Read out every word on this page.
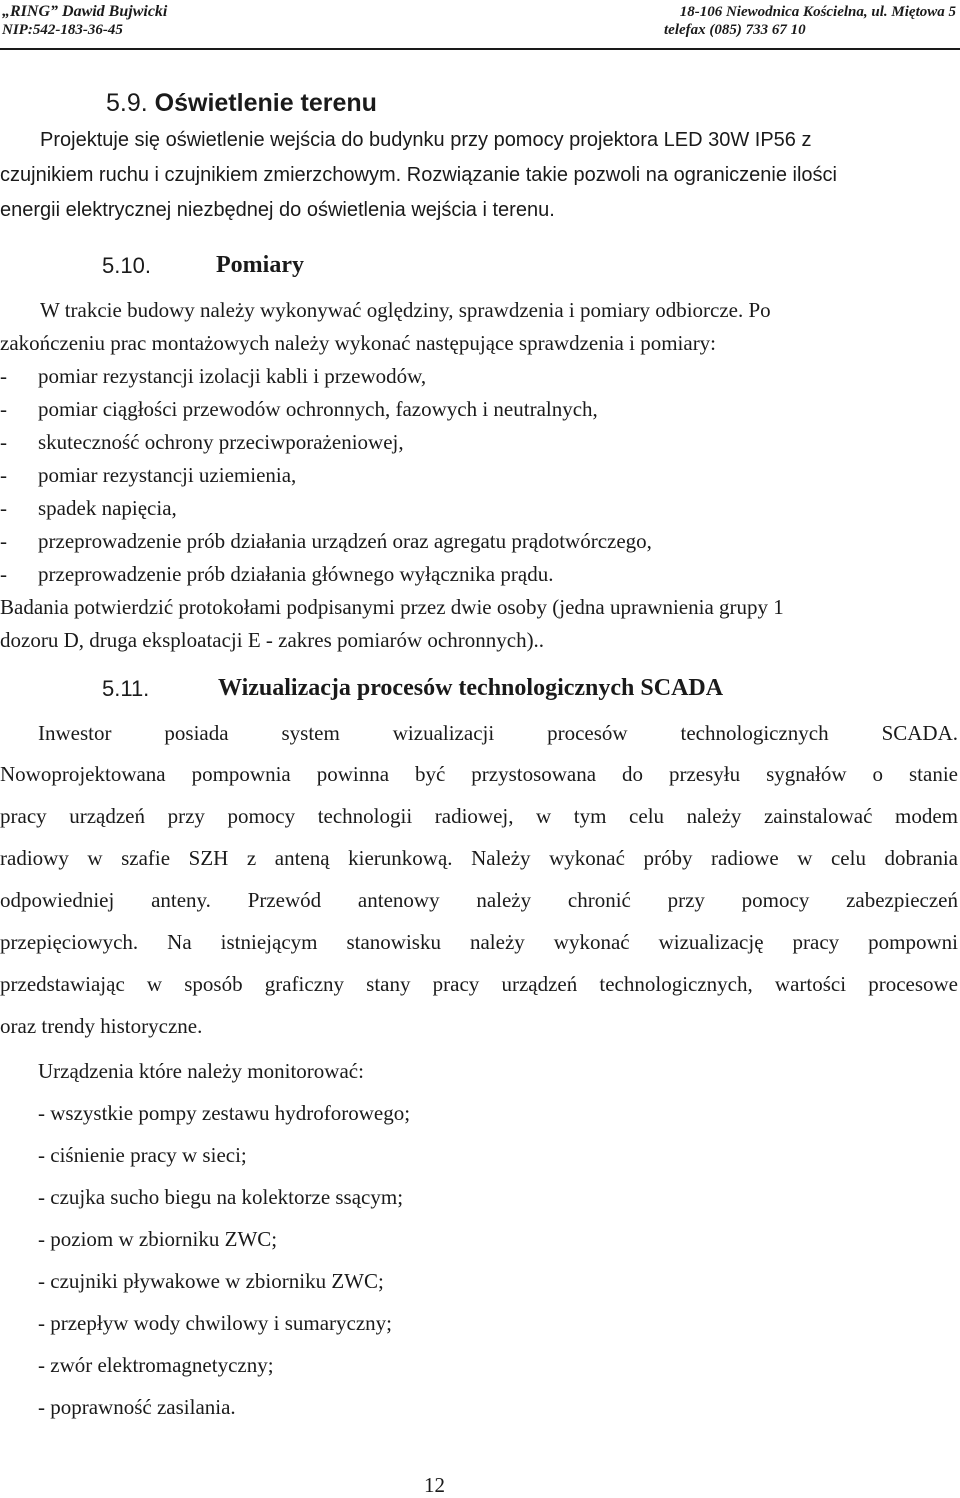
„RING” Dawid Bujwicki
NIP:542-183-36-45
18-106 Niewodnica Kościelna, ul. Miętowa 5
telefax (085) 733 67 10
5.9. Oświetlenie terenu
Projektuje się oświetlenie wejścia do budynku przy pomocy projektora LED 30W IP56 z
czujnikiem ruchu i czujnikiem zmierzchowym. Rozwiązanie takie pozwoli na ograniczenie ilości
energii elektrycznej niezbędnej do oświetlenia wejścia i terenu.
5.10.	Pomiary
W trakcie budowy należy wykonywać oględziny, sprawdzenia i pomiary odbiorcze. Po
zakończeniu prac montażowych należy wykonać następujące sprawdzenia i pomiary:
- pomiar rezystancji izolacji kabli i przewodów,
- pomiar ciągłości przewodów ochronnych, fazowych i neutralnych,
- skuteczność ochrony przeciwporażeniowej,
- pomiar rezystancji uziemienia,
- spadek napięcia,
- przeprowadzenie prób działania urządzeń oraz agregatu prądotwórczego,
- przeprowadzenie prób działania głównego wyłącznika prądu.
Badania potwierdzić protokołami podpisanymi przez dwie osoby (jedna uprawnienia grupy 1
dozoru D, druga eksploatacji E - zakres pomiarów ochronnych)..
5.11.	Wizualizacja procesów technologicznych SCADA
Inwestor posiada system wizualizacji procesów technologicznych SCADA.
Nowoprojektowana pompownia powinna być przystosowana do przesyłu sygnałów o stanie
pracy urządzeń przy pomocy technologii radiowej, w tym celu należy zainstalować modem
radiowy w szafie SZH z anteną kierunkową. Należy wykonać próby radiowe w celu dobrania
odpowiedniej anteny. Przewód antenowy należy chronić przy pomocy zabezpieczeń
przepięciowych. Na istniejącym stanowisku należy wykonać wizualizację pracy pompowni
przedstawiając w sposób graficzny stany pracy urządzeń technologicznych, wartości procesowe
oraz trendy historyczne.
Urządzenia które należy monitorować:
- wszystkie pompy zestawu hydroforowego;
- ciśnienie pracy w sieci;
- czujka sucho biegu na kolektorze ssącym;
- poziom w zbiorniku ZWC;
- czujniki pływakowe w zbiorniku ZWC;
- przepływ wody chwilowy i sumaryczny;
- zwór elektromagnetyczny;
- poprawność zasilania.
12
